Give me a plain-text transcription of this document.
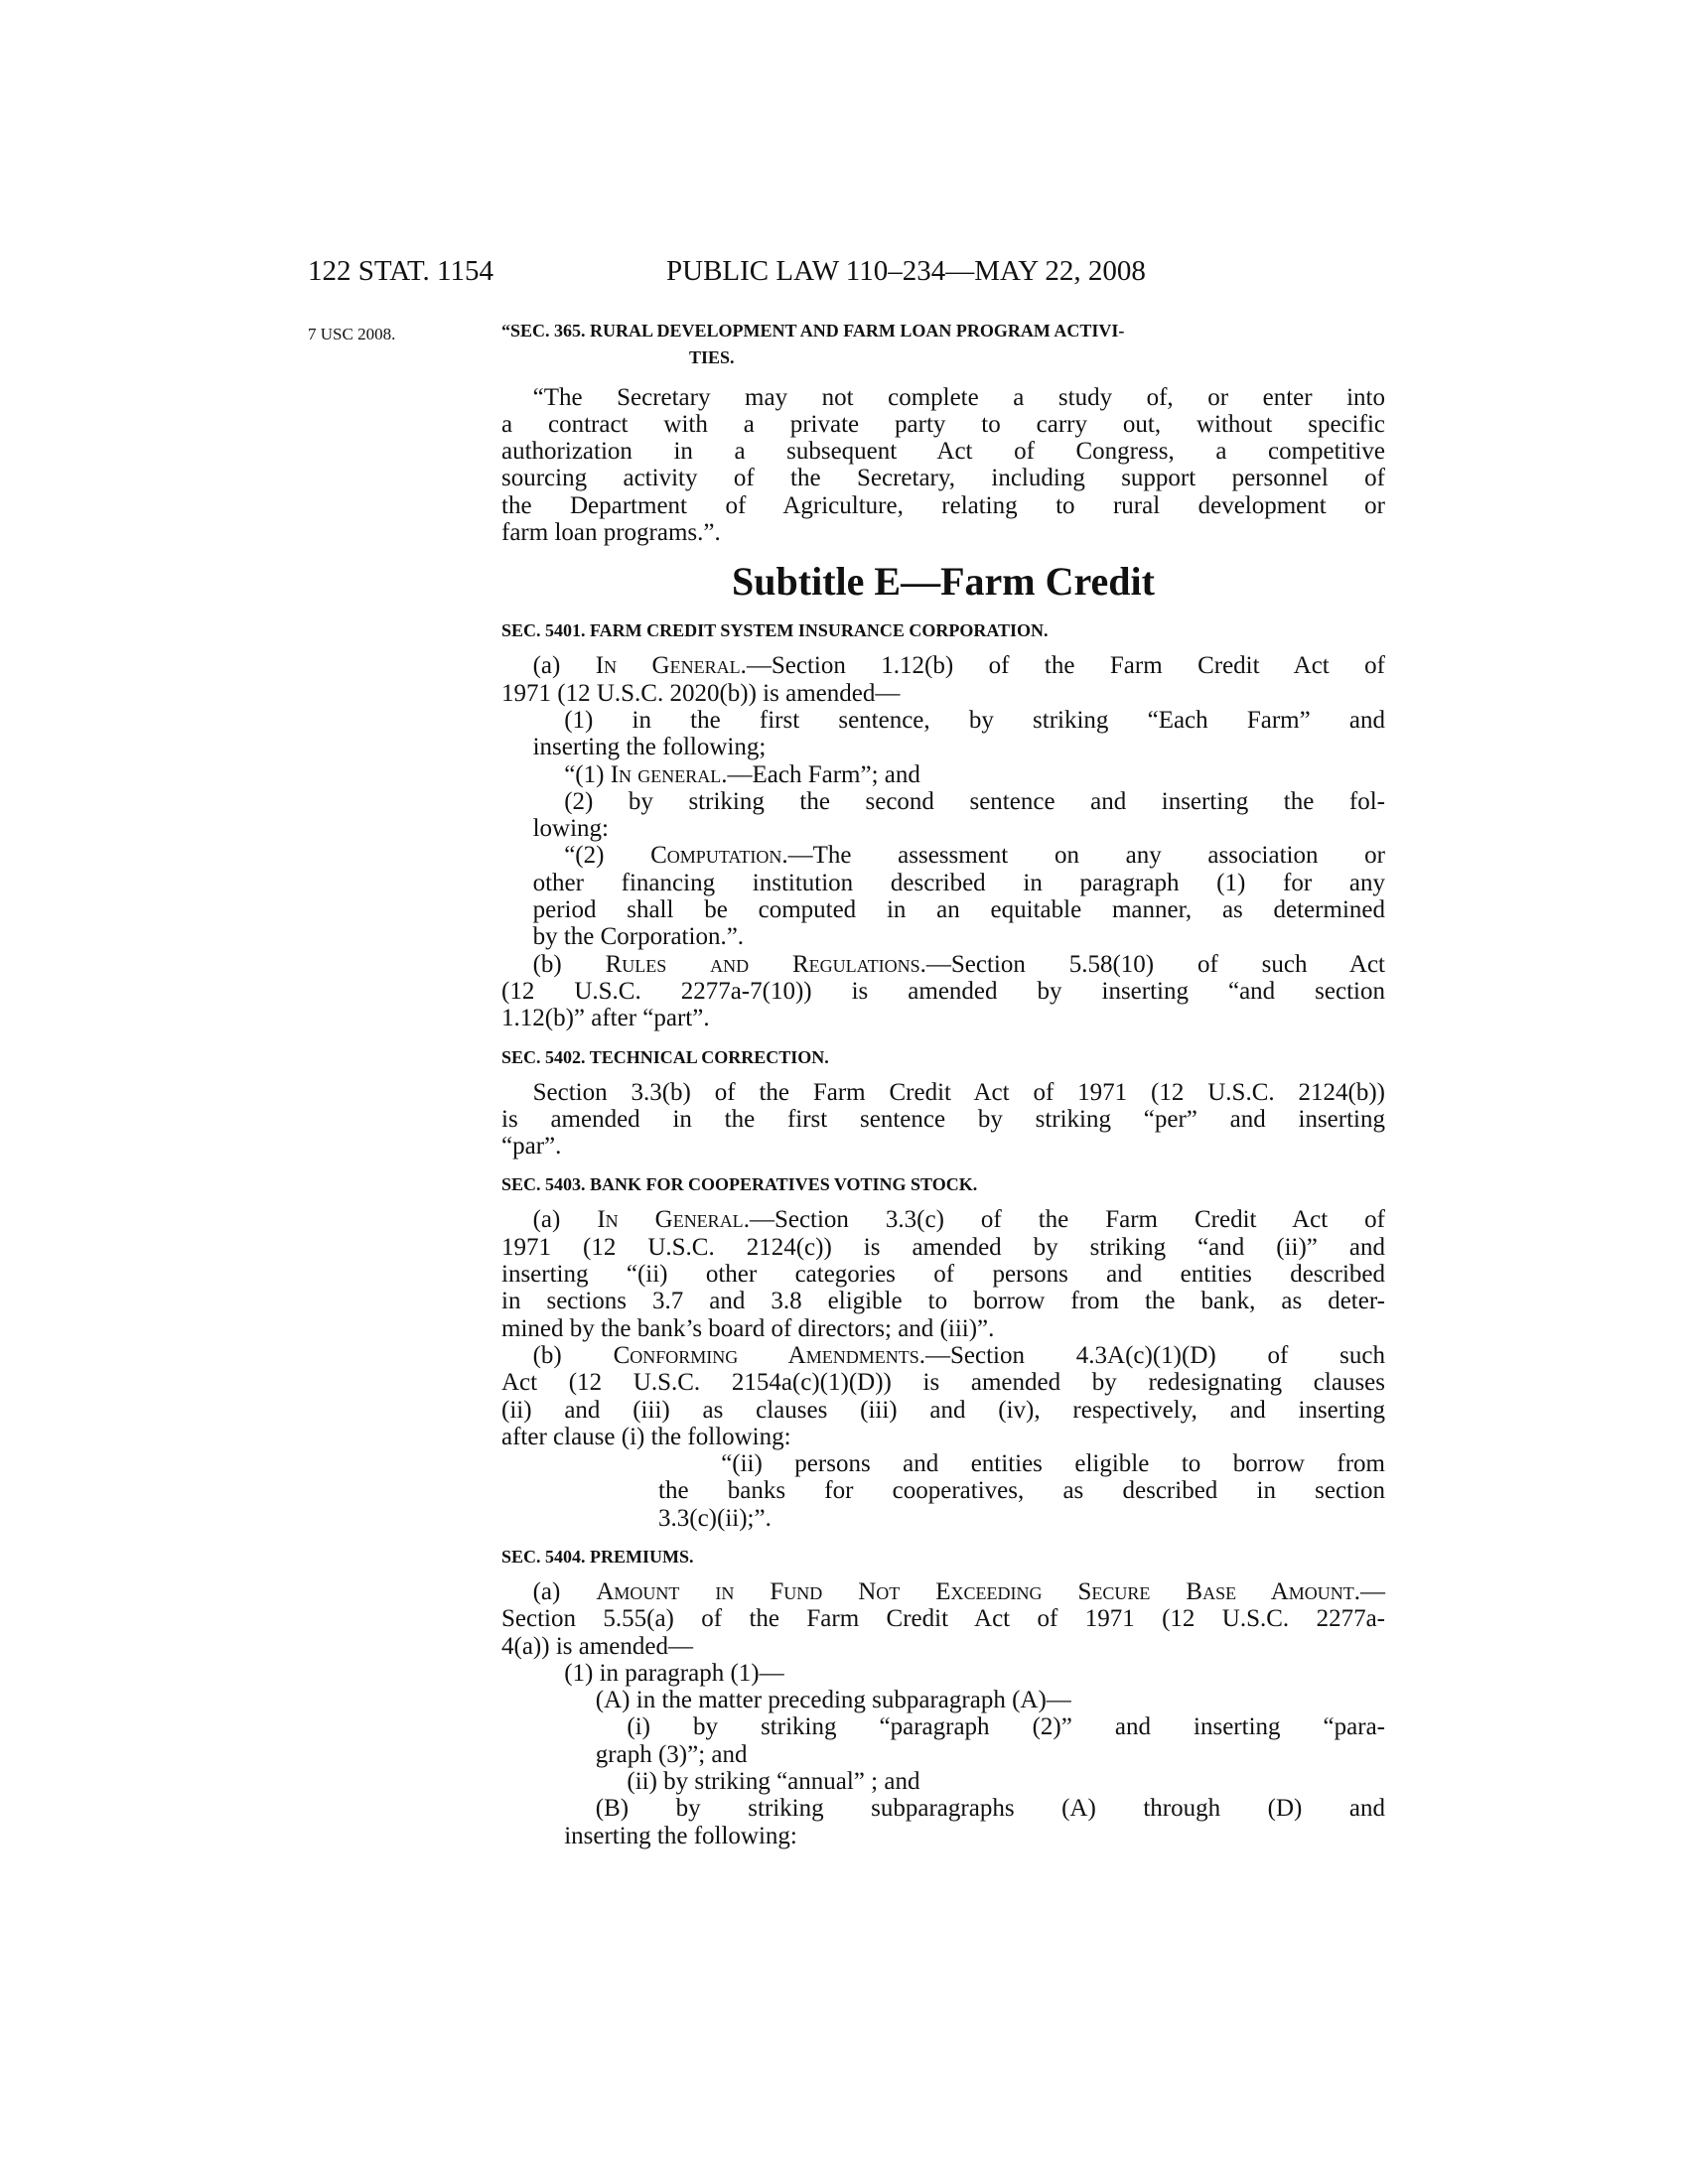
122 STAT. 1154	PUBLIC LAW 110–234—MAY 22, 2008
7 USC 2008.	“SEC. 365. RURAL DEVELOPMENT AND FARM LOAN PROGRAM ACTIVI-
TIES.
“The Secretary may not complete a study of, or enter into
a contract with a private party to carry out, without specific
authorization in a subsequent Act of Congress, a competitive
sourcing activity of the Secretary, including support personnel of
the Department of Agriculture, relating to rural development or
farm loan programs.”.
Subtitle E—Farm Credit
SEC. 5401. FARM CREDIT SYSTEM INSURANCE CORPORATION.
(a) In General.—Section 1.12(b) of the Farm Credit Act of
1971 (12 U.S.C. 2020(b)) is amended—
(1) in the first sentence, by striking “Each Farm” and
inserting the following;
“(1) In general.—Each Farm”; and
(2) by striking the second sentence and inserting the fol-
lowing:
“(2) Computation.—The assessment on any association or
other financing institution described in paragraph (1) for any
period shall be computed in an equitable manner, as determined
by the Corporation.”.
(b) Rules and Regulations.—Section 5.58(10) of such Act
(12 U.S.C. 2277a-7(10)) is amended by inserting “and section
1.12(b)” after “part”.
SEC. 5402. TECHNICAL CORRECTION.
Section 3.3(b) of the Farm Credit Act of 1971 (12 U.S.C. 2124(b))
is amended in the first sentence by striking “per” and inserting
“par”.
SEC. 5403. BANK FOR COOPERATIVES VOTING STOCK.
(a) In General.—Section 3.3(c) of the Farm Credit Act of
1971 (12 U.S.C. 2124(c)) is amended by striking “and (ii)” and
inserting “(ii) other categories of persons and entities described
in sections 3.7 and 3.8 eligible to borrow from the bank, as deter-
mined by the bank’s board of directors; and (iii)”.
(b) Conforming Amendments.—Section 4.3A(c)(1)(D) of such
Act (12 U.S.C. 2154a(c)(1)(D)) is amended by redesignating clauses
(ii) and (iii) as clauses (iii) and (iv), respectively, and inserting
after clause (i) the following:
“(ii) persons and entities eligible to borrow from
the banks for cooperatives, as described in section
3.3(c)(ii);”.
SEC. 5404. PREMIUMS.
(a) Amount in Fund Not Exceeding Secure Base Amount.—
Section 5.55(a) of the Farm Credit Act of 1971 (12 U.S.C. 2277a-
4(a)) is amended—
(1) in paragraph (1)—
(A) in the matter preceding subparagraph (A)—
(i) by striking “paragraph (2)” and inserting “para-
graph (3)”; and
(ii) by striking “annual” ; and
(B) by striking subparagraphs (A) through (D) and
inserting the following:
